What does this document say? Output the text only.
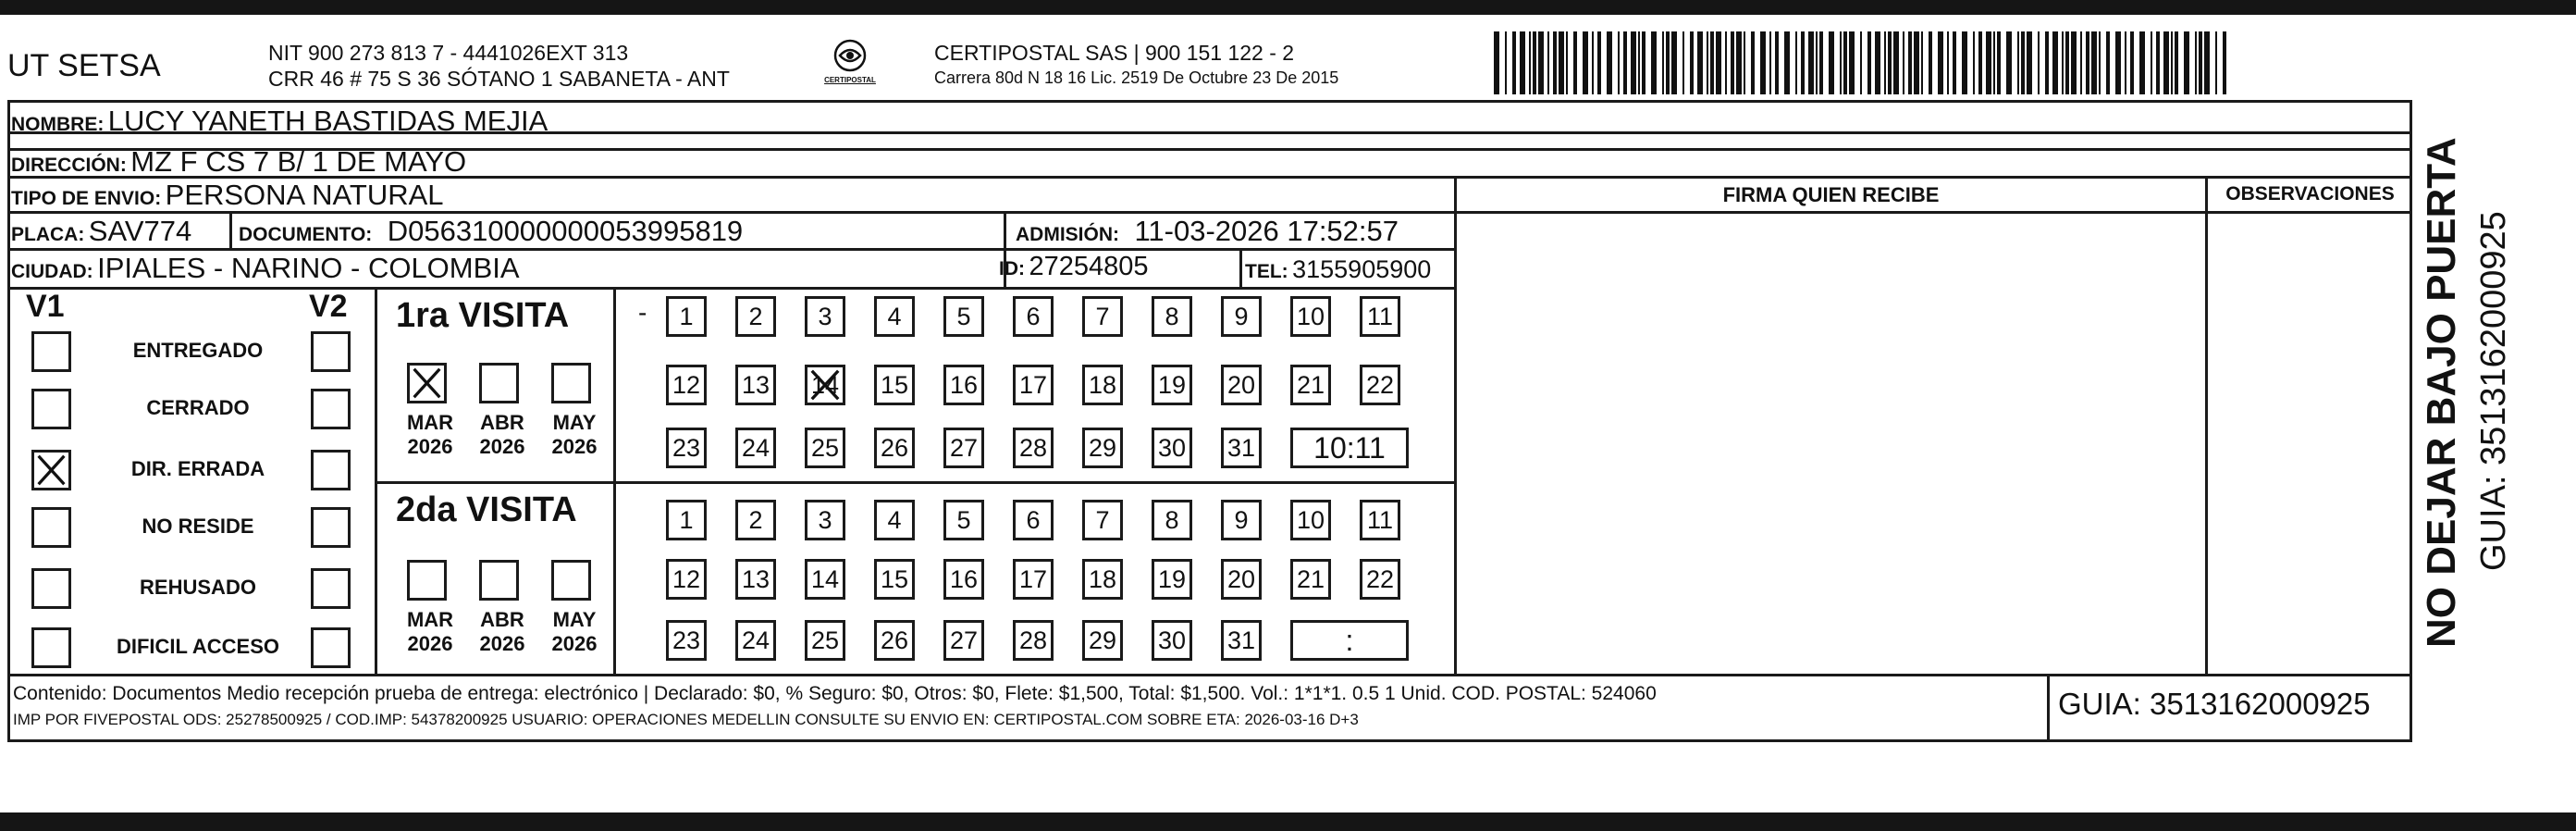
UT SETSA	NIT 900 273 813 7 - 4441026EXT 313
CRR 46 # 75 S 36 SÓTANO 1 SABANETA - ANT	CERTIPOSTAL
CERTIPOSTAL SAS | 900 151 122 - 2
Carrera 80d N 18 16 Lic. 2519 De Octubre 23 De 2015
NOMBRE: LUCY YANETH BASTIDAS MEJIA
DIRECCIÓN: MZ F CS 7 B/ 1 DE MAYO
TIPO DE ENVIO: PERSONA NATURAL
PLACA: SAV774 DOCUMENTO: D056310000000053995819	ADMISIÓN: 11-03-2026 17:52:57
CIUDAD: IPIALES - NARINO - COLOMBIA	ID: 27254805	TEL: 3155905900
FIRMA QUIEN RECIBE	OBSERVACIONES
V1	V2
ENTREGADO
CERRADO
DIR. ERRADA
NO RESIDE
REHUSADO
DIFICIL ACCESO
1ra VISITA	-
MAR
2026
ABR
2026
MAY
2026
1	2	3	4	5	6	7	8	9	10 11
12 13 14 15 16 17 18 19 20 21 22
23 24 25 26 27 28 29 30 31	10:11
2da VISITA
MAR
2026
ABR
2026
MAY
2026
1	2	3	4	5	6	7	8	9	10 11
12 13 14 15 16 17 18 19 20 21 22
23 24 25 26 27 28 29 30 31	:
Contenido: Documentos Medio recepción prueba de entrega: electrónico | Declarado: $0, % Seguro: $0, Otros: $0, Flete: $1,500, Total: $1,500. Vol.: 1*1*1. 0.5 1 Unid. COD. POSTAL: 524060
IMP POR FIVEPOSTAL ODS: 25278500925 / COD.IMP: 54378200925 USUARIO: OPERACIONES MEDELLIN CONSULTE SU ENVIO EN: CERTIPOSTAL.COM SOBRE ETA: 2026-03-16 D+3	GUIA: 3513162000925
NO DEJAR BAJO PUERTA GUIA: 3513162000925
